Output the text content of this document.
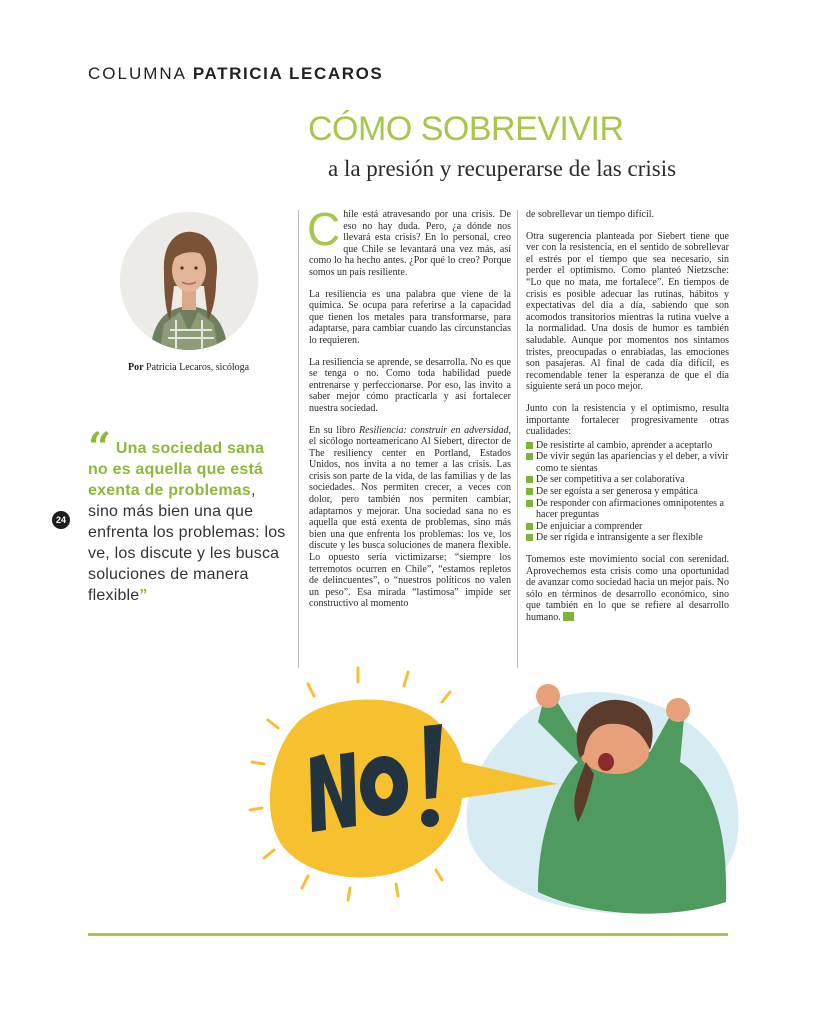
COLUMNA PATRICIA LECAROS
CÓMO SOBREVIVIR
a la presión y recuperarse de las crisis
Por Patricia Lecaros, sicóloga
“ Una sociedad sana no es aquella que está exenta de problemas, sino más bien una que enfrenta los problemas: los ve, los discute y les busca soluciones de manera flexible”
24

Chile está atravesando por una crisis. De eso no hay duda. Pero, ¿a dónde nos llevará esta crisis? En lo personal, creo que Chile se levantará una vez más, así como lo ha hecho antes. ¿Por qué lo creo? Porque somos un país resiliente.

La resiliencia es una palabra que viene de la química. Se ocupa para referirse a la capacidad que tienen los metales para transformarse, para adaptarse, para cambiar cuando las circunstancias lo requieren.

La resiliencia se aprende, se desarrolla. No es que se tenga o no. Como toda habilidad puede entrenarse y perfeccionarse. Por eso, las invito a saber mejor cómo practicarla y así fortalecer nuestra sociedad.

En su libro Resiliencia: construir en adversidad, el sicólogo norteamericano Al Siebert, director de The resiliency center en Portland, Estados Unidos, nos invita a no temer a las crisis. Las crisis son parte de la vida, de las familias y de las sociedades. Nos permiten crecer, a veces con dolor, pero también nos permiten cambiar, adaptarnos y mejorar. Una sociedad sana no es aquella que está exenta de problemas, sino más bien una que enfrenta los problemas: los ve, los discute y les busca soluciones de manera flexible. Lo opuesto sería victimizarse; “siempre los terremotos ocurren en Chile”, “estamos repletos de delincuentes”, o “nuestros políticos no valen un peso”. Esa mirada “lastimosa” impide ser constructivo al momento

de sobrellevar un tiempo difícil.

Otra sugerencia planteada por Siebert tiene que ver con la resistencia, en el sentido de sobrellevar el estrés por el tiempo que sea necesario, sin perder el optimismo. Como planteó Nietzsche: “Lo que no mata, me fortalece”. En tiempos de crisis es posible adecuar las rutinas, hábitos y expectativas del día a día, sabiendo que son acomodos transitorios mientras la rutina vuelve a la normalidad. Una dosis de humor es también saludable. Aunque por momentos nos sintamos tristes, preocupadas o enrabiadas, las emociones son pasajeras. Al final de cada día difícil, es recomendable tener la esperanza de que el día siguiente será un poco mejor.

Junto con la resistencia y el optimismo, resulta importante fortalecer progresivamente otras cualidades:

De resistirte al cambio, aprender a aceptarlo
De vivir según las apariencias y el deber, a vivir como te sientas
De ser competitiva a ser colaborativa
De ser egoísta a ser generosa y empática
De responder con afirmaciones omnipotentes a hacer preguntas
De enjuiciar a comprender
De ser rígida e intransigente a ser flexible

Tomemos este movimiento social con serenidad. Aprovechemos esta crisis como una oportunidad de avanzar como sociedad hacia un mejor país. No sólo en términos de desarrollo económico, sino que también en lo que se refiere al desarrollo humano.
